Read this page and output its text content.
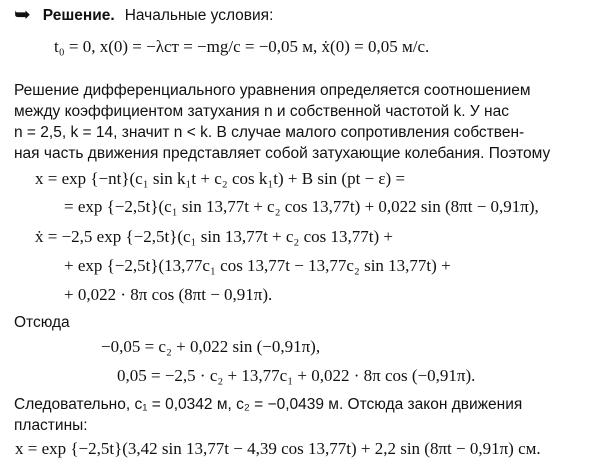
➥ Решение. Начальные условия:
t₀ = 0, x(0) = −λст = −mg/c = −0,05 м, ẋ(0) = 0,05 м/с.
Решение дифференциального уравнения определяется соотношением
между коэффициентом затухания n и собственной частотой k. У нас
n = 2,5, k = 14, значит n < k. В случае малого сопротивления собствен-
ная часть движения представляет собой затухающие колебания. Поэтому
x = exp {−nt}(c₁ sin k₁t + c₂ cos k₁t) + B sin (pt − ε) =
= exp {−2,5t}(c₁ sin 13,77t + c₂ cos 13,77t) + 0,022 sin (8πt − 0,91π),
ẋ = −2,5 exp {−2,5t}(c₁ sin 13,77t + c₂ cos 13,77t) +
+ exp {−2,5t}(13,77c₁ cos 13,77t − 13,77c₂ sin 13,77t) +
+ 0,022 · 8π cos (8πt − 0,91π).
Отсюда
−0,05 = c₂ + 0,022 sin (−0,91π),
0,05 = −2,5 · c₂ + 13,77c₁ + 0,022 · 8π cos (−0,91π).
Следовательно, c₁ = 0,0342 м, c₂ = −0,0439 м. Отсюда закон движения
пластины:
x = exp {−2,5t}(3,42 sin 13,77t − 4,39 cos 13,77t) + 2,2 sin (8πt − 0,91π) см.
